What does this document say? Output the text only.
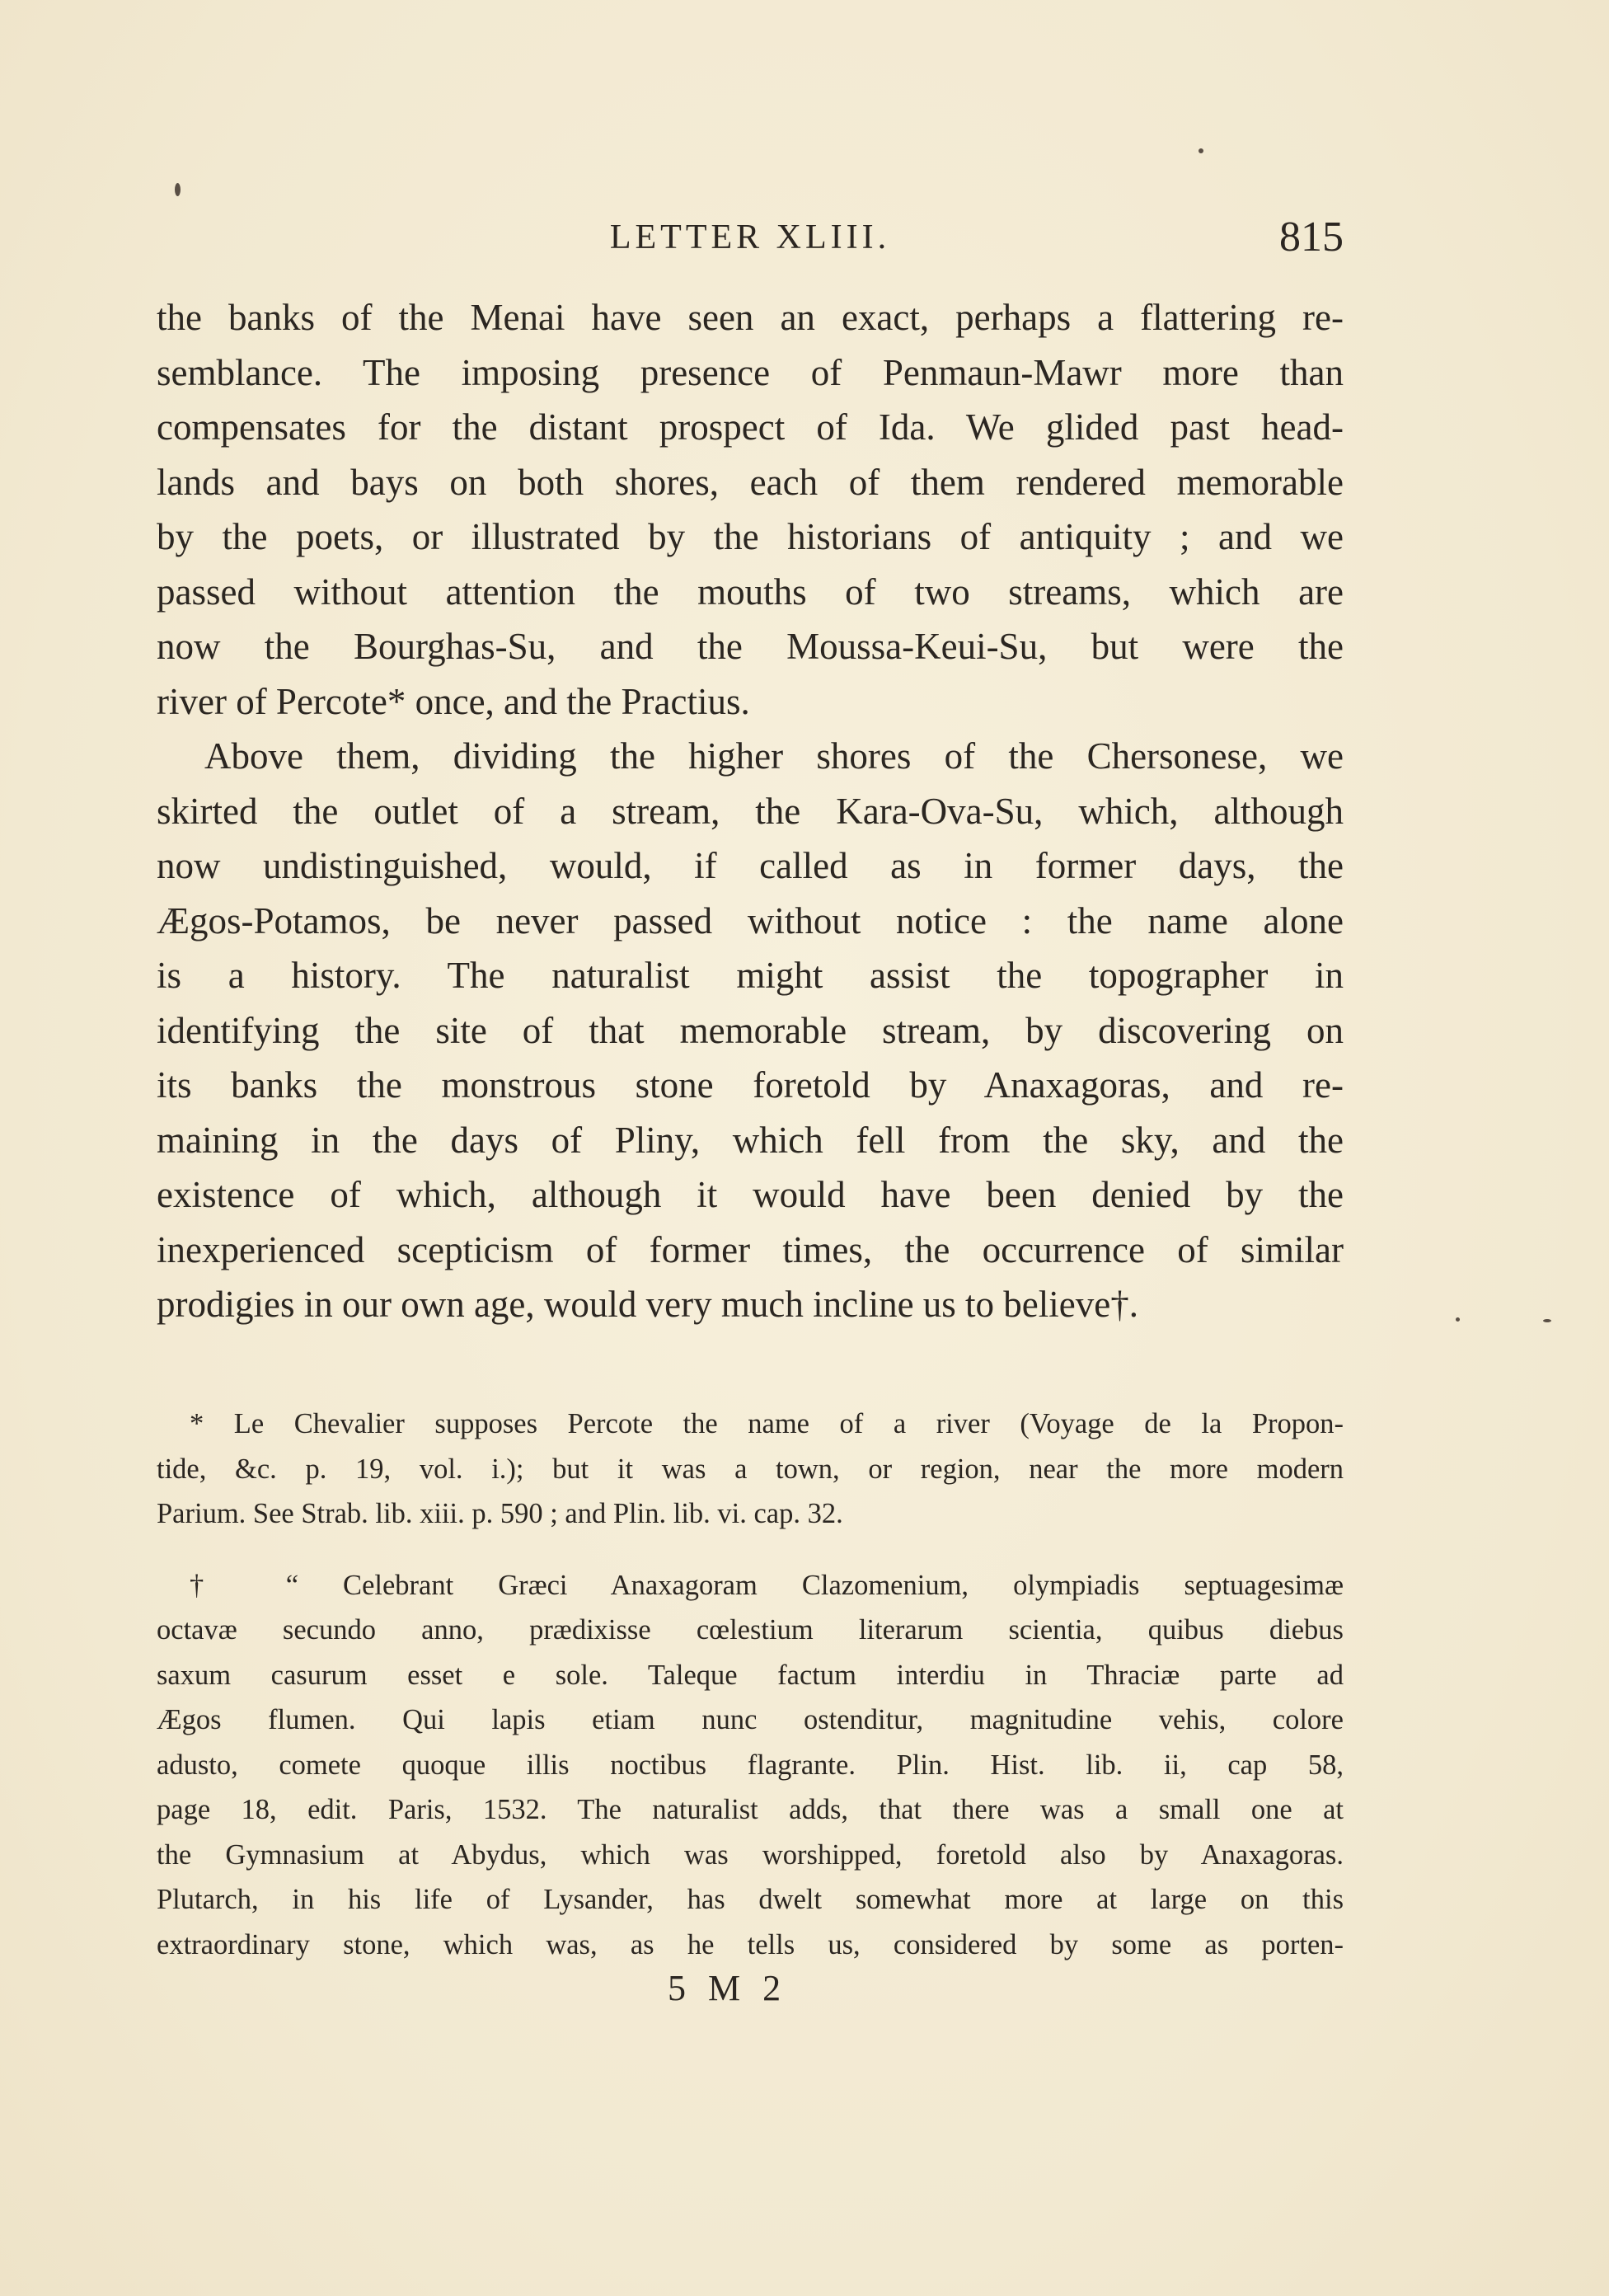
LETTER XLIII.	815
the banks of the Menai have seen an exact, perhaps a flattering re-
semblance. The imposing presence of Penmaun-Mawr more than
compensates for the distant prospect of Ida. We glided past head-
lands and bays on both shores, each of them rendered memorable
by the poets, or illustrated by the historians of antiquity ; and we
passed without attention the mouths of two streams, which are
now the Bourghas-Su, and the Moussa-Keui-Su, but were the
river of Percote* once, and the Practius.
Above them, dividing the higher shores of the Chersonese, we
skirted the outlet of a stream, the Kara-Ova-Su, which, although
now undistinguished, would, if called as in former days, the
Ægos-Potamos, be never passed without notice : the name alone
is a history. The naturalist might assist the topographer in
identifying the site of that memorable stream, by discovering on
its banks the monstrous stone foretold by Anaxagoras, and re-
maining in the days of Pliny, which fell from the sky, and the
existence of which, although it would have been denied by the
inexperienced scepticism of former times, the occurrence of similar
prodigies in our own age, would very much incline us to believe†.
* Le Chevalier supposes Percote the name of a river (Voyage de la Propon-
tide, &c. p. 19, vol. i.); but it was a town, or region, near the more modern
Parium. See Strab. lib. xiii. p. 590 ; and Plin. lib. vi. cap. 32.
† “ Celebrant Græci Anaxagoram Clazomenium, olympiadis septuagesimæ
octavæ secundo anno, prædixisse cœlestium literarum scientia, quibus diebus
saxum casurum esset e sole. Taleque factum interdiu in Thraciæ parte ad
Ægos flumen. Qui lapis etiam nunc ostenditur, magnitudine vehis, colore
adusto, comete quoque illis noctibus flagrante. Plin. Hist. lib. ii, cap 58,
page 18, edit. Paris, 1532. The naturalist adds, that there was a small one at
the Gymnasium at Abydus, which was worshipped, foretold also by Anaxagoras.
Plutarch, in his life of Lysander, has dwelt somewhat more at large on this
extraordinary stone, which was, as he tells us, considered by some as porten-
5 M 2
